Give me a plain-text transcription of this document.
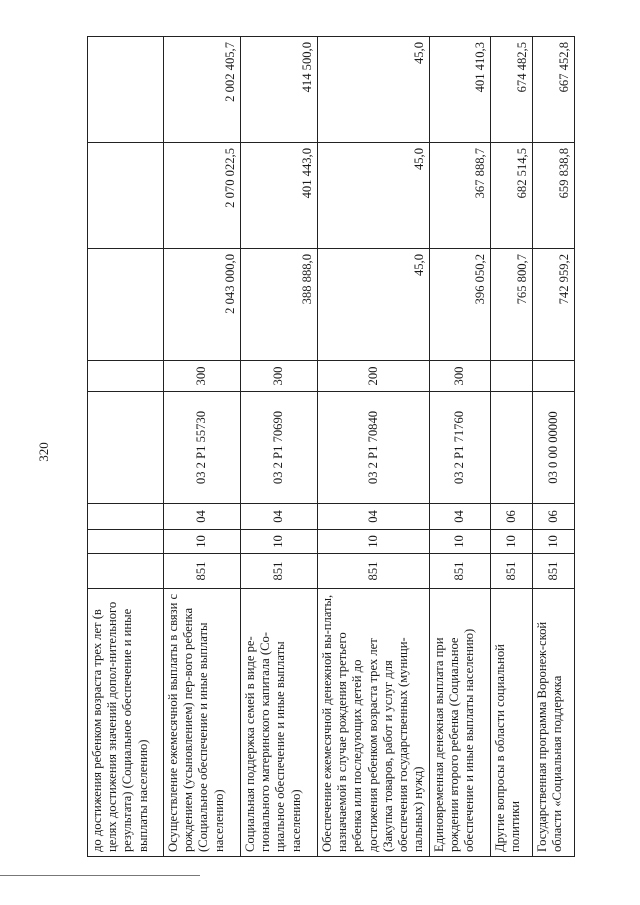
320
до достижения ребенком возраста трех лет (в целях достижения значений допол-нительного результата) (Социальное обеспечение и иные выплаты населению)								
Осуществление ежемесячной выплаты в связи с рождением (усыновлением) пер-вого ребенка (Социальное обеспечение и иные выплаты населению)	851	10	04	03 2 P1 55730	300	2 043 000,0	2 070 022,5	2 002 405,7
Социальная поддержка семей в виде ре-гионального материнского капитала (Со-циальное обеспечение и иные выплаты населению)	851	10	04	03 2 P1 70690	300	388 888,0	401 443,0	414 500,0
Обеспечение ежемесячной денежной вы-платы, назначаемой в случае рождения третьего ребенка или последующих детей до достижения ребенком возраста трех лет (Закупка товаров, работ и услуг для обеспечения государственных (муници-пальных) нужд)	851	10	04	03 2 P1 70840	200	45,0	45,0	45,0
Единовременная денежная выплата при рождении второго ребенка (Социальное обеспечение и иные выплаты населению)	851	10	04	03 2 P1 71760	300	396 050,2	367 888,7	401 410,3
Другие вопросы в области социальной политики	851	10	06			765 800,7	682 514,5	674 482,5
Государственная программа Воронеж-ской области «Социальная поддержка	851	10	06	03 0 00 00000		742 959,2	659 838,8	667 452,8
